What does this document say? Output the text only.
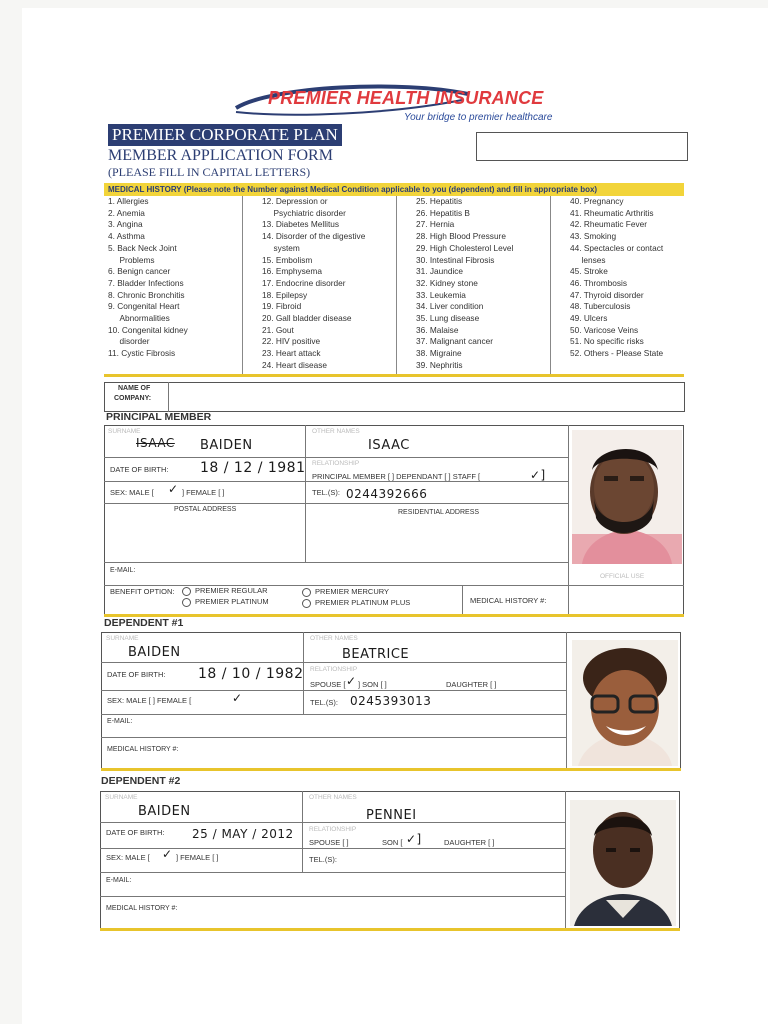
PREMIER HEALTH INSURANCE
Your bridge to premier healthcare
PREMIER CORPORATE PLAN
MEMBER APPLICATION FORM
(PLEASE FILL IN CAPITAL LETTERS)
MEDICAL HISTORY (Please note the Number against Medical Condition applicable to you (dependent) and fill in appropriate box)
1. Allergies
2. Anemia
3. Angina
4. Asthma
5. Back Neck Joint
Problems
6. Benign cancer
7. Bladder Infections
8. Chronic Bronchitis
9. Congenital Heart
Abnormalities
10. Congenital kidney
disorder
11. Cystic Fibrosis
12. Depression or
Psychiatric disorder
13. Diabetes Mellitus
14. Disorder of the digestive
system
15. Embolism
16. Emphysema
17. Endocrine disorder
18. Epilepsy
19. Fibroid
20. Gall bladder disease
21. Gout
22. HIV positive
23. Heart attack
24. Heart disease
25. Hepatitis
26. Hepatitis B
27. Hernia
28. High Blood Pressure
29. High Cholesterol Level
30. Intestinal Fibrosis
31. Jaundice
32. Kidney stone
33. Leukemia
34. Liver condition
35. Lung disease
36. Malaise
37. Malignant cancer
38. Migraine
39. Nephritis
40. Pregnancy
41. Rheumatic Arthritis
42. Rheumatic Fever
43. Smoking
44. Spectacles or contact
lenses
45. Stroke
46. Thrombosis
47. Thyroid disorder
48. Tuberculosis
49. Ulcers
50. Varicose Veins
51. No specific risks
52. Others - Please State
NAME OF
COMPANY:
PRINCIPAL MEMBER
SURNAME
ISAAC BAIDEN
OTHER NAMES
ISAAC
DATE OF BIRTH: 18 / 12 / 1981 RELATIONSHIP
PRINCIPAL MEMBER [ ] DEPENDANT [ ] STAFF [	✓]
SEX: MALE [ ✓ ] FEMALE [ ]	TEL.(S): 0244392666
POSTAL ADDRESS	RESIDENTIAL ADDRESS
E-MAIL:
OFFICIAL USE
BENEFIT OPTION:	PREMIER REGULAR
PREMIER PLATINUM
PREMIER MERCURY
PREMIER PLATINUM PLUS	MEDICAL HISTORY #:
DEPENDENT #1
SURNAME
BAIDEN
OTHER NAMES
BEATRICE
DATE OF BIRTH: 18 / 10 / 1982 RELATIONSHIP
SPOUSE [ ✓ ] SON [ ]	DAUGHTER [ ]
SEX: MALE [ ] FEMALE [	✓	TEL.(S): 0245393013
E-MAIL:
MEDICAL HISTORY #:
DEPENDENT #2
SURNAME
BAIDEN
OTHER NAMES
PENNEI
DATE OF BIRTH: 25 / MAY / 2012 RELATIONSHIP
SPOUSE [ ]	SON [ ✓]	DAUGHTER [ ]
SEX: MALE [ ✓ ] FEMALE [ ]	TEL.(S):
E-MAIL:
MEDICAL HISTORY #:
